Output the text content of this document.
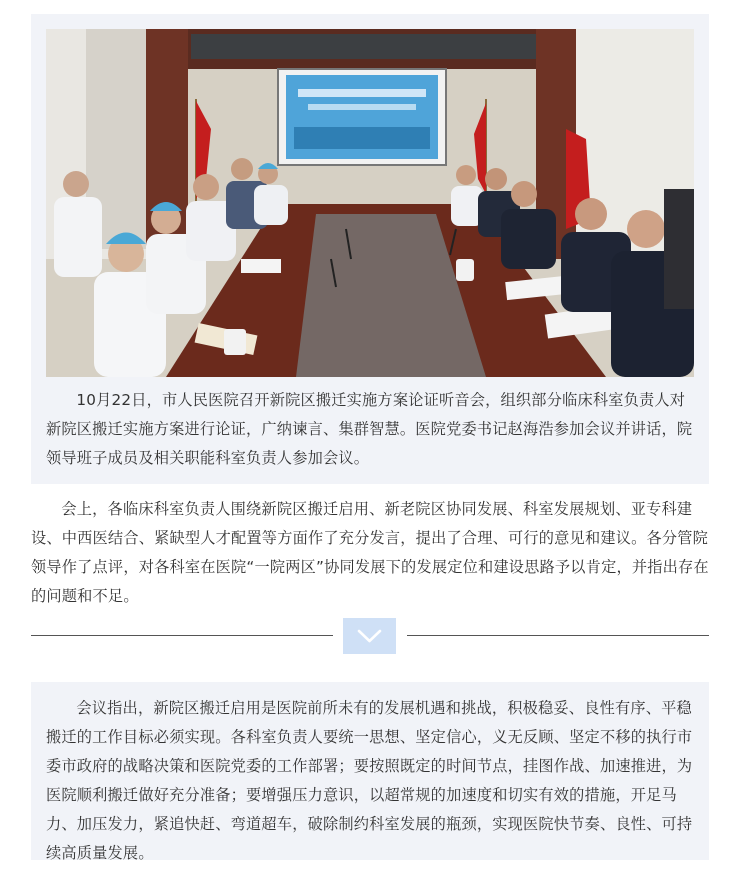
10月22日，市人民医院召开新院区搬迁实施方案论证听音会，组织部分临床科室负责人对新院区搬迁实施方案进行论证，广纳谏言、集群智慧。医院党委书记赵海浩参加会议并讲话，院领导班子成员及相关职能科室负责人参加会议。

会上，各临床科室负责人围绕新院区搬迁启用、新老院区协同发展、科室发展规划、亚专科建设、中西医结合、紧缺型人才配置等方面作了充分发言，提出了合理、可行的意见和建议。各分管院领导作了点评，对各科室在医院“一院两区”协同发展下的发展定位和建设思路予以肯定，并指出存在的问题和不足。

会议指出，新院区搬迁启用是医院前所未有的发展机遇和挑战，积极稳妥、良性有序、平稳搬迁的工作目标必须实现。各科室负责人要统一思想、坚定信心，义无反顾、坚定不移的执行市委市政府的战略决策和医院党委的工作部署；要按照既定的时间节点，挂图作战、加速推进，为医院顺利搬迁做好充分准备；要增强压力意识，以超常规的加速度和切实有效的措施，开足马力、加压发力，紧追快赶、弯道超车，破除制约科室发展的瓶颈，实现医院快节奏、良性、可持续高质量发展。
